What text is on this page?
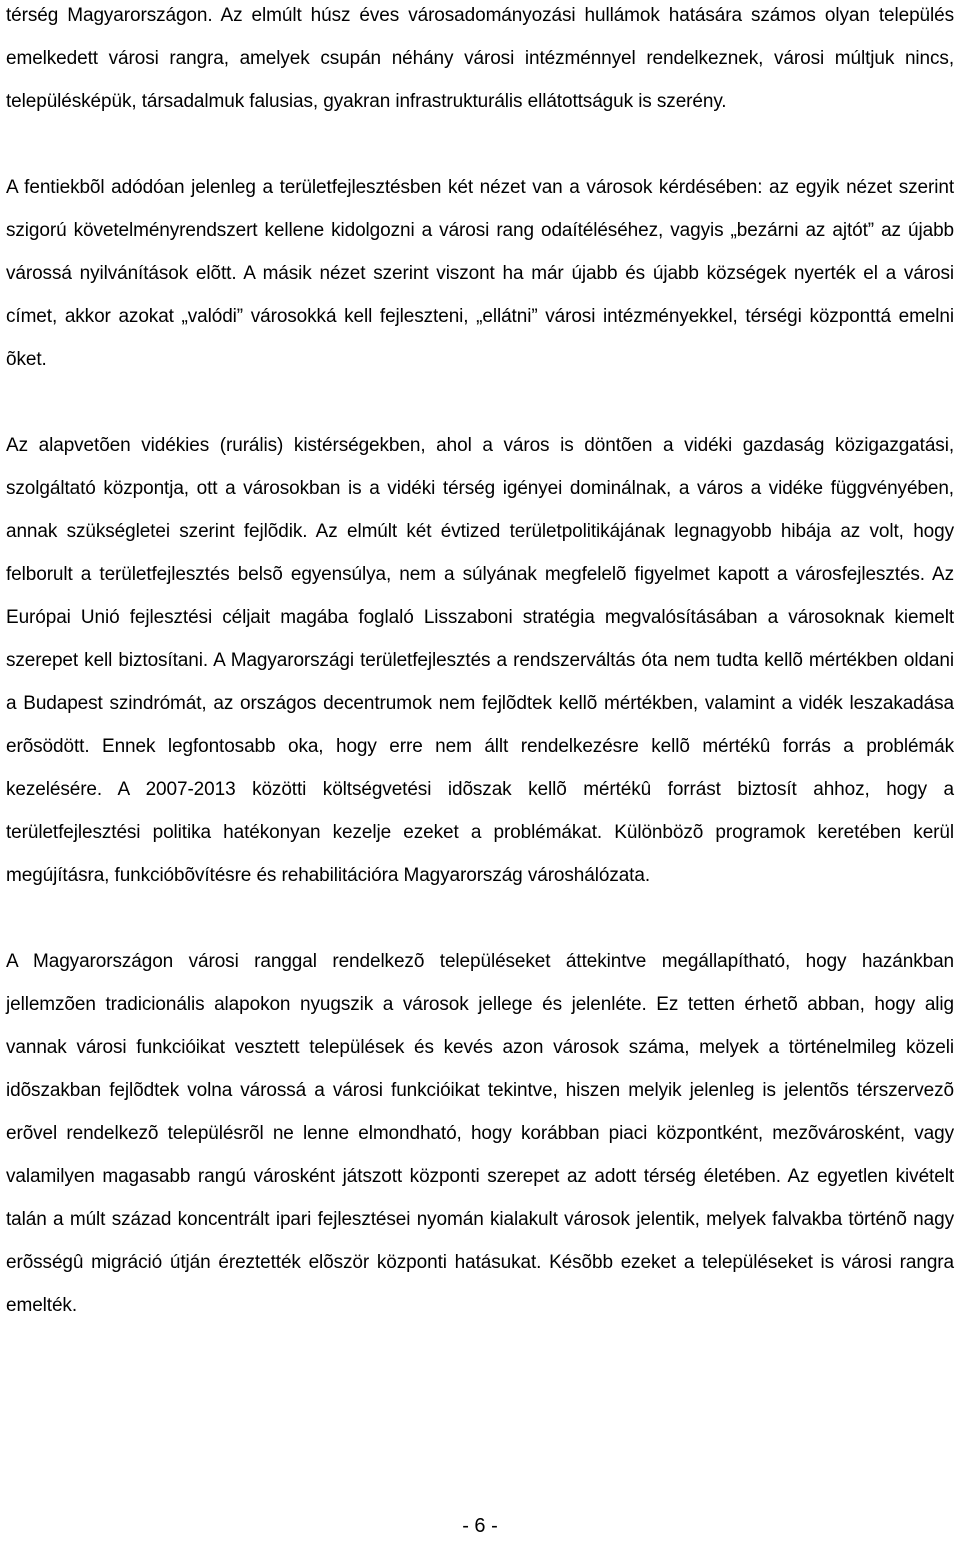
térség Magyarországon. Az elmúlt húsz éves városadományozási hullámok hatására számos olyan település emelkedett városi rangra, amelyek csupán néhány városi intézménnyel rendelkeznek, városi múltjuk nincs, településképük, társadalmuk falusias, gyakran infrastrukturális ellátottságuk is szerény.

A fentiekbõl adódóan jelenleg a területfejlesztésben két nézet van a városok kérdésében: az egyik nézet szerint szigorú követelményrendszert kellene kidolgozni a városi rang odaítéléséhez, vagyis „bezárni az ajtót” az újabb várossá nyilvánítások elõtt. A másik nézet szerint viszont ha már újabb és újabb községek nyerték el a városi címet, akkor azokat „valódi” városokká kell fejleszteni, „ellátni” városi intézményekkel, térségi központtá emelni õket.

Az alapvetõen vidékies (rurális) kistérségekben, ahol a város is döntõen a vidéki gazdaság közigazgatási, szolgáltató központja, ott a városokban is a vidéki térség igényei dominálnak, a város a vidéke függvényében, annak szükségletei szerint fejlõdik. Az elmúlt két évtized területpolitikájának legnagyobb hibája az volt, hogy felborult a területfejlesztés belsõ egyensúlya, nem a súlyának megfelelõ figyelmet kapott a városfejlesztés. Az Európai Unió fejlesztési céljait magába foglaló Lisszaboni stratégia megvalósításában a városoknak kiemelt szerepet kell biztosítani. A Magyarországi területfejlesztés a rendszerváltás óta nem tudta kellõ mértékben oldani a Budapest szindrómát, az országos decentrumok nem fejlõdtek kellõ mértékben, valamint a vidék leszakadása erõsödött. Ennek legfontosabb oka, hogy erre nem állt rendelkezésre kellõ mértékû forrás a problémák kezelésére. A 2007-2013 közötti költségvetési idõszak kellõ mértékû forrást biztosít ahhoz, hogy a területfejlesztési politika hatékonyan kezelje ezeket a problémákat. Különbözõ programok keretében kerül megújításra, funkcióbõvítésre és rehabilitációra Magyarország városhálózata.

A Magyarországon városi ranggal rendelkezõ településeket áttekintve megállapítható, hogy hazánkban jellemzõen tradicionális alapokon nyugszik a városok jellege és jelenléte. Ez tetten érhetõ abban, hogy alig vannak városi funkcióikat vesztett települések és kevés azon városok száma, melyek a történelmileg közeli idõszakban fejlõdtek volna várossá a városi funkcióikat tekintve, hiszen melyik jelenleg is jelentõs térszervezõ erõvel rendelkezõ településrõl ne lenne elmondható, hogy korábban piaci központként, mezõvárosként, vagy valamilyen magasabb rangú városként játszott központi szerepet az adott térség életében. Az egyetlen kivételt talán a múlt század koncentrált ipari fejlesztései nyomán kialakult városok jelentik, melyek falvakba történõ nagy erõsségû migráció útján éreztették elõször központi hatásukat. Késõbb ezeket a településeket is városi rangra emelték.

- 6 -
